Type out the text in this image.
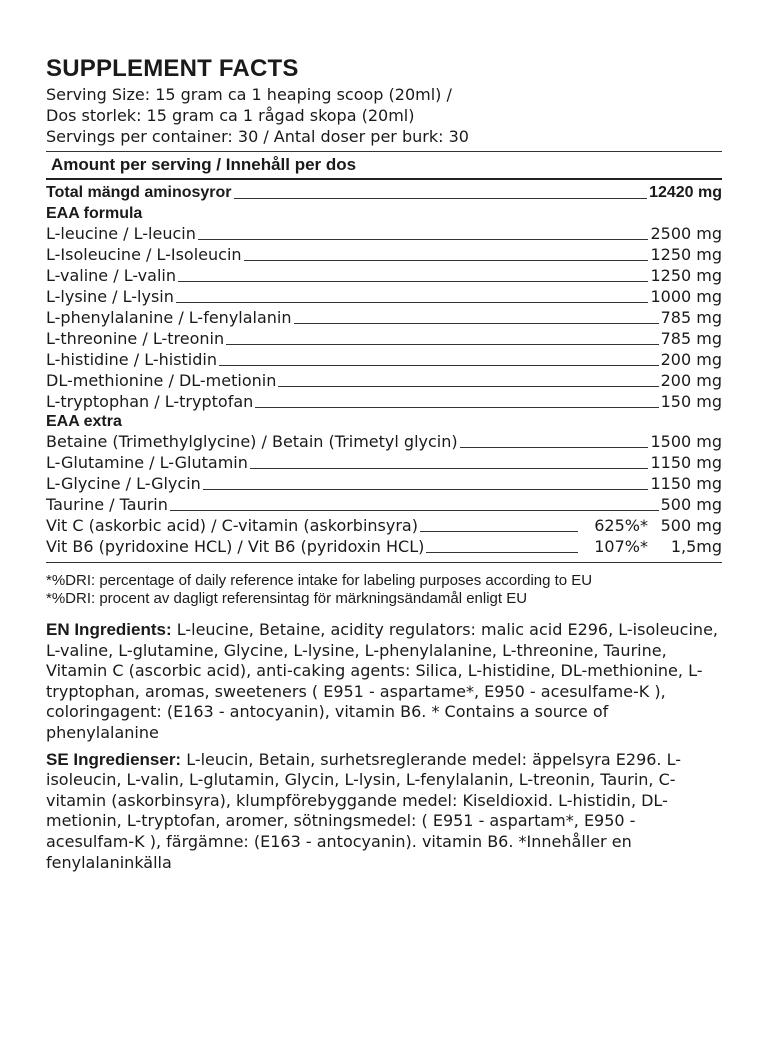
SUPPLEMENT FACTS
Serving Size: 15 gram ca 1 heaping scoop (20ml) /
Dos storlek: 15 gram ca 1 rågad skopa (20ml)
Servings per container: 30 / Antal doser per burk: 30
Amount per serving / Innehåll per dos
Total mängd aminosyror	12420 mg
EAA formula
L-leucine / L-leucin	2500 mg
L-Isoleucine / L-Isoleucin	1250 mg
L-valine / L-valin	1250 mg
L-lysine / L-lysin	1000 mg
L-phenylalanine / L-fenylalanin	785 mg
L-threonine / L-treonin	785 mg
L-histidine / L-histidin	200 mg
DL-methionine / DL-metionin	200 mg
L-tryptophan / L-tryptofan	150 mg
EAA extra
Betaine (Trimethylglycine) / Betain (Trimetyl glycin)	1500 mg
L-Glutamine / L-Glutamin	1150 mg
L-Glycine / L-Glycin	1150 mg
Taurine / Taurin	500 mg
Vit C (askorbic acid) / C-vitamin (askorbinsyra)	625%* 500 mg
Vit B6 (pyridoxine HCL) / Vit B6 (pyridoxin HCL)	107%* 1,5mg
*%DRI: percentage of daily reference intake for labeling purposes according to EU
*%DRI: procent av dagligt referensintag för märkningsändamål enligt EU

EN Ingredients: L-leucine, Betaine, acidity regulators: malic acid E296, L-isoleucine, L-valine, L-glutamine, Glycine, L-lysine, L-phenylalanine, L-threonine, Taurine, Vitamin C (ascorbic acid), anti-caking agents: Silica, L-histidine, DL-methionine, L-tryptophan, aromas, sweeteners ( E951 - aspartame*, E950 - acesulfame-K ), coloringagent: (E163 - antocyanin), vitamin B6. * Contains a source of phenylalanine

SE Ingredienser: L-leucin, Betain, surhetsreglerande medel: äppelsyra E296. L-isoleucin, L-valin, L-glutamin, Glycin, L-lysin, L-fenylalanin, L-treonin, Taurin, C-vitamin (askorbinsyra), klumpförebyggande medel: Kiseldioxid. L-histidin, DL-metionin, L-tryptofan, aromer, sötningsmedel: ( E951 - aspartam*, E950 - acesulfam-K ), färgämne: (E163 - antocyanin). vitamin B6. *Innehåller en fenylalaninkälla
